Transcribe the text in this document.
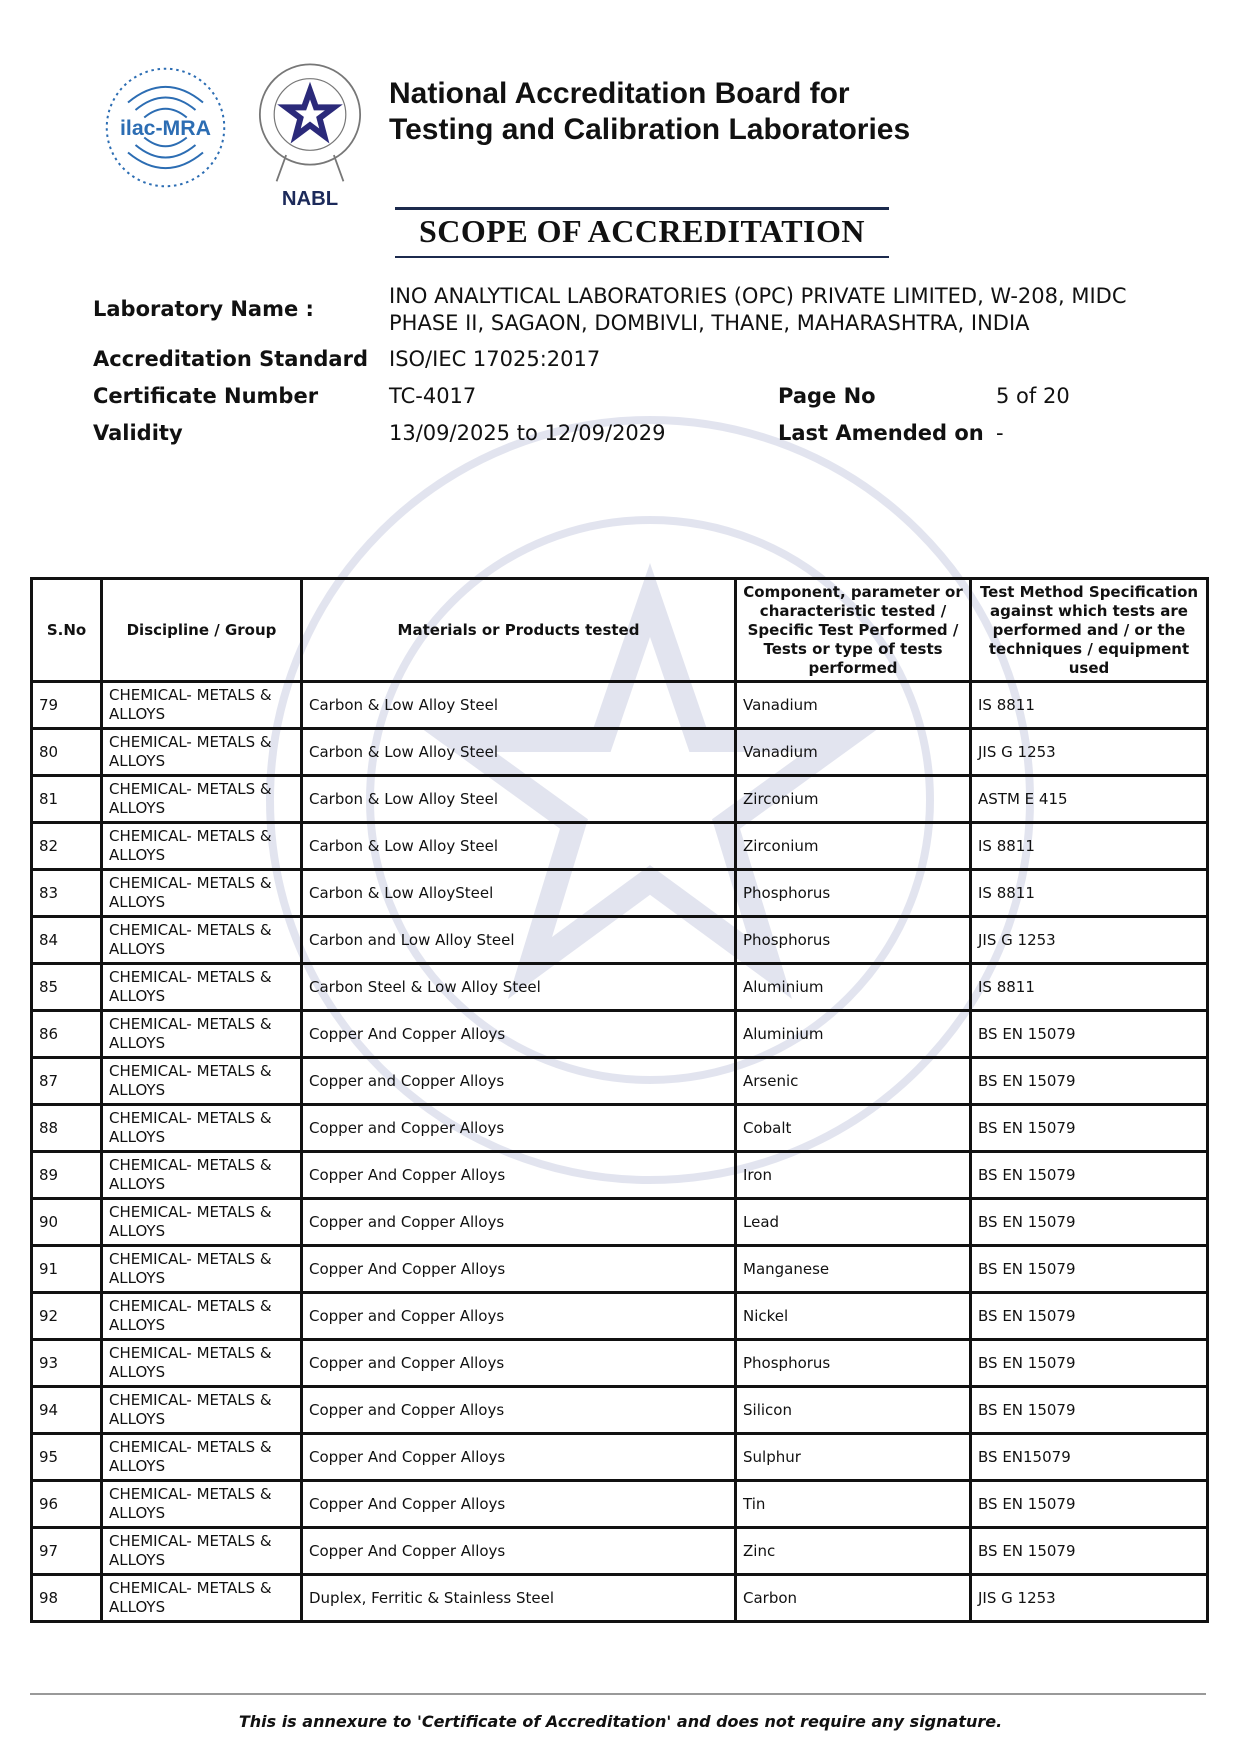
ilac-MRA
NABL
National Accreditation Board for
Testing and Calibration Laboratories
SCOPE OF ACCREDITATION
Laboratory Name :
INO ANALYTICAL LABORATORIES (OPC) PRIVATE LIMITED, W-208, MIDC PHASE II, SAGAON, DOMBIVLI, THANE, MAHARASHTRA, INDIA
Accreditation Standard ISO/IEC 17025:2017
Certificate Number	TC-4017	Page No	5 of 20
Validity	13/09/2025 to 12/09/2029	Last Amended on -
S.No	Discipline / Group	Materials or Products tested	Component, parameter or characteristic tested / Specific Test Performed / Tests or type of tests performed	Test Method Specification against which tests are performed and / or the techniques / equipment used
79	CHEMICAL- METALS & ALLOYS	Carbon & Low Alloy Steel	Vanadium	IS 8811
80	CHEMICAL- METALS & ALLOYS	Carbon & Low Alloy Steel	Vanadium	JIS G 1253
81	CHEMICAL- METALS & ALLOYS	Carbon & Low Alloy Steel	Zirconium	ASTM E 415
82	CHEMICAL- METALS & ALLOYS	Carbon & Low Alloy Steel	Zirconium	IS 8811
83	CHEMICAL- METALS & ALLOYS	Carbon & Low AlloySteel	Phosphorus	IS 8811
84	CHEMICAL- METALS & ALLOYS	Carbon and Low Alloy Steel	Phosphorus	JIS G 1253
85	CHEMICAL- METALS & ALLOYS	Carbon Steel & Low Alloy Steel	Aluminium	IS 8811
86	CHEMICAL- METALS & ALLOYS	Copper And Copper Alloys	Aluminium	BS EN 15079
87	CHEMICAL- METALS & ALLOYS	Copper and Copper Alloys	Arsenic	BS EN 15079
88	CHEMICAL- METALS & ALLOYS	Copper and Copper Alloys	Cobalt	BS EN 15079
89	CHEMICAL- METALS & ALLOYS	Copper And Copper Alloys	Iron	BS EN 15079
90	CHEMICAL- METALS & ALLOYS	Copper and Copper Alloys	Lead	BS EN 15079
91	CHEMICAL- METALS & ALLOYS	Copper And Copper Alloys	Manganese	BS EN 15079
92	CHEMICAL- METALS & ALLOYS	Copper and Copper Alloys	Nickel	BS EN 15079
93	CHEMICAL- METALS & ALLOYS	Copper and Copper Alloys	Phosphorus	BS EN 15079
94	CHEMICAL- METALS & ALLOYS	Copper and Copper Alloys	Silicon	BS EN 15079
95	CHEMICAL- METALS & ALLOYS	Copper And Copper Alloys	Sulphur	BS EN15079
96	CHEMICAL- METALS & ALLOYS	Copper And Copper Alloys	Tin	BS EN 15079
97	CHEMICAL- METALS & ALLOYS	Copper And Copper Alloys	Zinc	BS EN 15079
98	CHEMICAL- METALS & ALLOYS	Duplex, Ferritic & Stainless Steel	Carbon	JIS G 1253
This is annexure to 'Certificate of Accreditation' and does not require any signature.
